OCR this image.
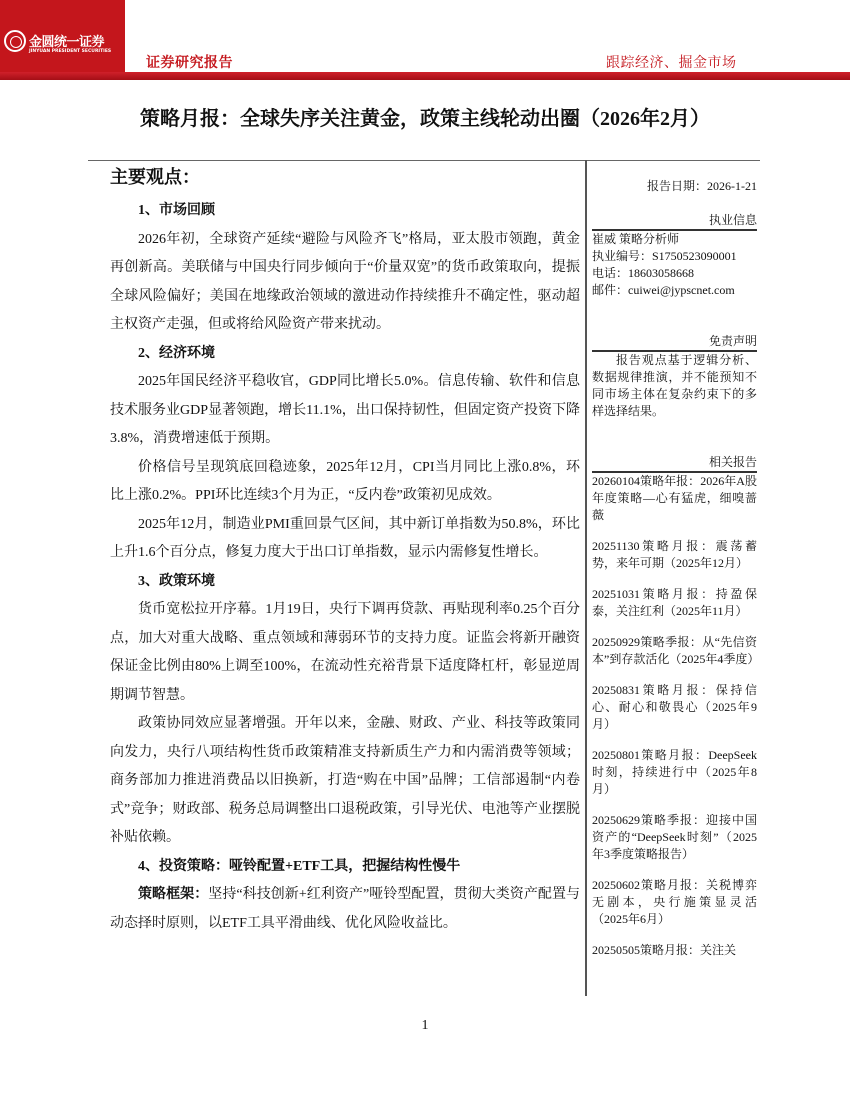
金圆统一证券
JINYUAN PRESIDENT SECURITIES
证券研究报告	跟踪经济、掘金市场
策略月报：全球失序关注黄金，政策主线轮动出圈（2026年2月）
主要观点：
1、市场回顾

2026年初，全球资产延续“避险与风险齐飞”格局，亚太股市领跑，黄金再创新高。美联储与中国央行同步倾向于“价量双宽”的货币政策取向，提振全球风险偏好；美国在地缘政治领域的激进动作持续推升不确定性，驱动超主权资产走强，但或将给风险资产带来扰动。

2、经济环境

2025年国民经济平稳收官，GDP同比增长5.0%。信息传输、软件和信息技术服务业GDP显著领跑，增长11.1%，出口保持韧性，但固定资产投资下降3.8%，消费增速低于预期。

价格信号呈现筑底回稳迹象，2025年12月，CPI当月同比上涨0.8%，环比上涨0.2%。PPI环比连续3个月为正，“反内卷”政策初见成效。

2025年12月，制造业PMI重回景气区间，其中新订单指数为50.8%，环比上升1.6个百分点，修复力度大于出口订单指数，显示内需修复性增长。

3、政策环境

货币宽松拉开序幕。1月19日，央行下调再贷款、再贴现利率0.25个百分点，加大对重大战略、重点领域和薄弱环节的支持力度。证监会将新开融资保证金比例由80%上调至100%，在流动性充裕背景下适度降杠杆，彰显逆周期调节智慧。

政策协同效应显著增强。开年以来，金融、财政、产业、科技等政策同向发力，央行八项结构性货币政策精准支持新质生产力和内需消费等领域；商务部加力推进消费品以旧换新，打造“购在中国”品牌；工信部遏制“内卷式”竞争；财政部、税务总局调整出口退税政策，引导光伏、电池等产业摆脱补贴依赖。

4、投资策略：哑铃配置+ETF工具，把握结构性慢牛

策略框架：坚持“科技创新+红利资产”哑铃型配置，贯彻大类资产配置与动态择时原则，以ETF工具平滑曲线、优化风险收益比。

报告日期：2026-1-21
执业信息

崔威 策略分析师

执业编号：S1750523090001

电话：18603058668

邮件：cuiwei@jypscnet.com

免责声明

报告观点基于逻辑分析、数据规律推演，并不能预知不同市场主体在复杂约束下的多样选择结果。

相关报告
20260104策略年报：2026年A股年度策略—心有猛虎，细嗅蔷薇
20251130策略月报：震荡蓄势，来年可期（2025年12月）
20251031策略月报：持盈保泰，关注红利（2025年11月）
20250929策略季报：从“先信资本”到存款活化（2025年4季度）
20250831策略月报：保持信心、耐心和敬畏心（2025年9月）
20250801策略月报：DeepSeek时刻，持续进行中（2025年8月）
20250629策略季报：迎接中国资产的“DeepSeek时刻”（2025年3季度策略报告）
20250602策略月报：关税博弈无剧本，央行施策显灵活（2025年6月）
20250505策略月报：关注关
1
